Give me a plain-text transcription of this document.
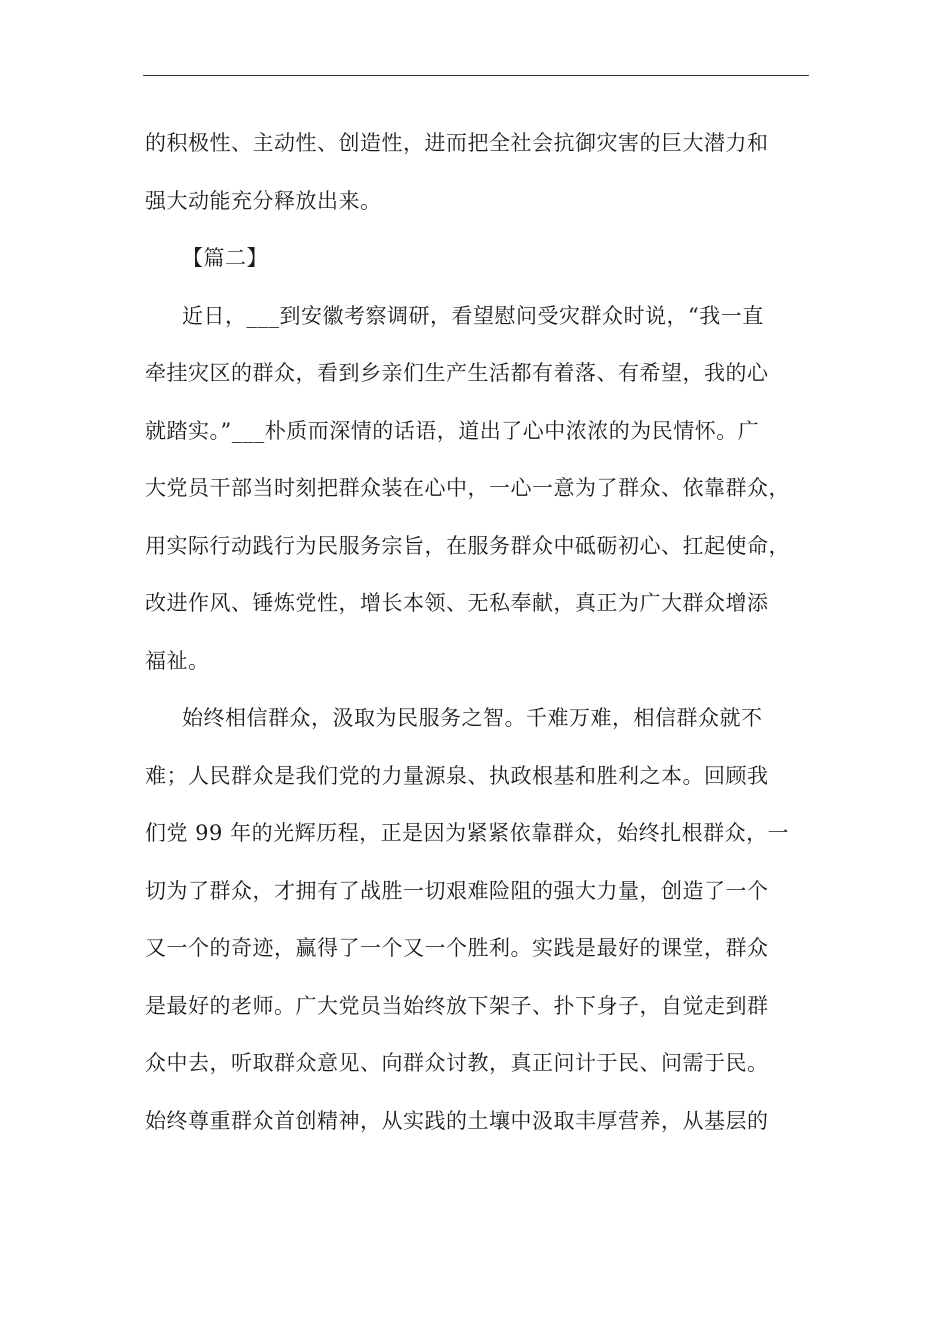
的积极性、主动性、创造性，进而把全社会抗御灾害的巨大潜力和
强大动能充分释放出来。
【篇二】
近日，___到安徽考察调研，看望慰问受灾群众时说，“我一直
牵挂灾区的群众，看到乡亲们生产生活都有着落、有希望，我的心
就踏实。”___朴质而深情的话语，道出了心中浓浓的为民情怀。广
大党员干部当时刻把群众装在心中，一心一意为了群众、依靠群众，
用实际行动践行为民服务宗旨，在服务群众中砥砺初心、扛起使命，
改进作风、锤炼党性，增长本领、无私奉献，真正为广大群众增添
福祉。
始终相信群众，汲取为民服务之智。千难万难，相信群众就不
难；人民群众是我们党的力量源泉、执政根基和胜利之本。回顾我
们党 99 年的光辉历程，正是因为紧紧依靠群众，始终扎根群众，一
切为了群众，才拥有了战胜一切艰难险阻的强大力量，创造了一个
又一个的奇迹，赢得了一个又一个胜利。实践是最好的课堂，群众
是最好的老师。广大党员当始终放下架子、扑下身子，自觉走到群
众中去，听取群众意见、向群众讨教，真正问计于民、问需于民。
始终尊重群众首创精神，从实践的土壤中汲取丰厚营养，从基层的
